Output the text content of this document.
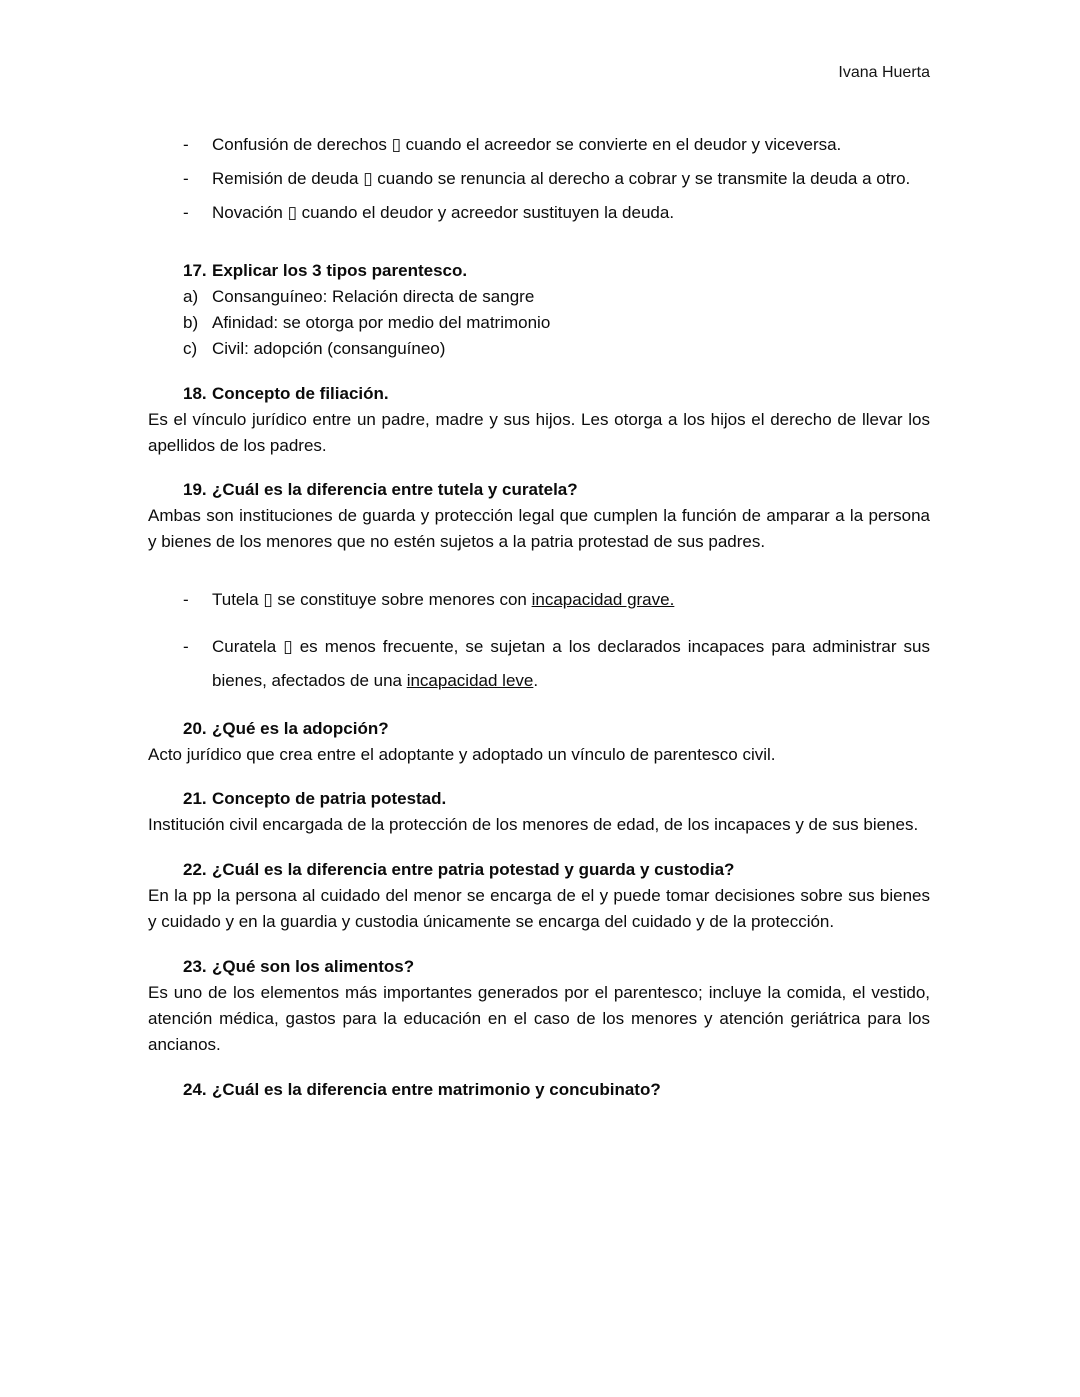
Ivana Huerta
- Confusión de derechos ▯ cuando el acreedor se convierte en el deudor y viceversa.
- Remisión de deuda ▯ cuando se renuncia al derecho a cobrar y se transmite la deuda a otro.
- Novación ▯ cuando el deudor y acreedor sustituyen la deuda.
17. Explicar los 3 tipos parentesco.
a) Consanguíneo: Relación directa de sangre
b) Afinidad: se otorga por medio del matrimonio
c) Civil: adopción (consanguíneo)
18. Concepto de filiación.

Es el vínculo jurídico entre un padre, madre y sus hijos. Les otorga a los hijos el derecho de llevar los apellidos de los padres.

19. ¿Cuál es la diferencia entre tutela y curatela?

Ambas son instituciones de guarda y protección legal que cumplen la función de amparar a la persona y bienes de los menores que no estén sujetos a la patria protestad de sus padres.

- Tutela ▯ se constituye sobre menores con incapacidad grave.
- Curatela ▯ es menos frecuente, se sujetan a los declarados incapaces para administrar sus bienes, afectados de una incapacidad leve.
20. ¿Qué es la adopción?

Acto jurídico que crea entre el adoptante y adoptado un vínculo de parentesco civil.

21. Concepto de patria potestad.

Institución civil encargada de la protección de los menores de edad, de los incapaces y de sus bienes.

22. ¿Cuál es la diferencia entre patria potestad y guarda y custodia?

En la pp la persona al cuidado del menor se encarga de el y puede tomar decisiones sobre sus bienes y cuidado y en la guardia y custodia únicamente se encarga del cuidado y de la protección.

23. ¿Qué son los alimentos?

Es uno de los elementos más importantes generados por el parentesco; incluye la comida, el vestido, atención médica, gastos para la educación en el caso de los menores y atención geriátrica para los ancianos.

24. ¿Cuál es la diferencia entre matrimonio y concubinato?
